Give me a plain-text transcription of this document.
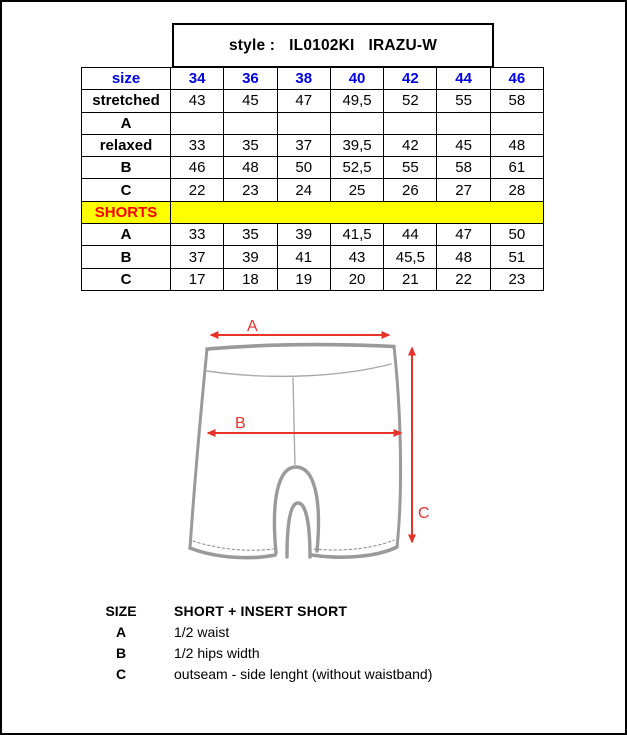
style : IL0102KI IRAZU-W
size	34	36	38	40	42	44	46
stretched	43	45	47	49,5	52	55	58
A							
relaxed	33	35	37	39,5	42	45	48
B	46	48	50	52,5	55	58	61
C	22	23	24	25	26	27	28
SHORTS							
A	33	35	39	41,5	44	47	50
B	37	39	41	43	45,5	48	51
C	17	18	19	20	21	22	23
A
B
C
SIZE	SHORT + INSERT SHORT
A	1/2 waist
B	1/2 hips width
C	outseam - side lenght (without waistband)
